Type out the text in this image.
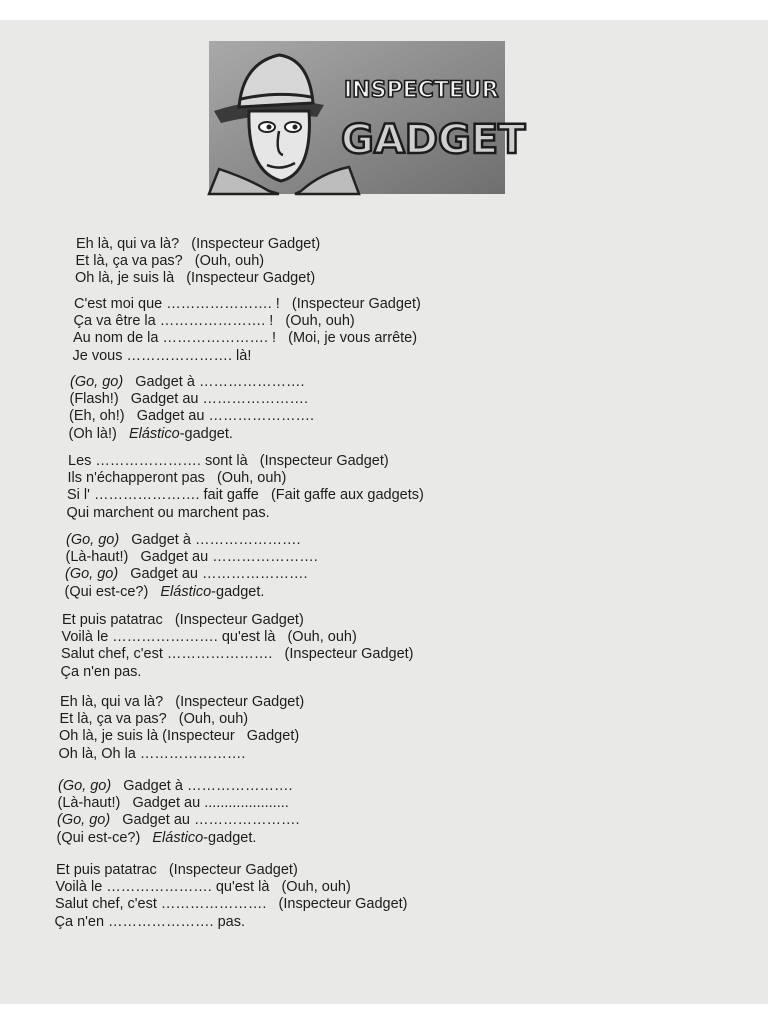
INSPECTEUR
GADGET
Eh là, qui va là?   (Inspecteur Gadget)
Et là, ça va pas?   (Ouh, ouh)
Oh là, je suis là   (Inspecteur Gadget)
C'est moi que …………………. !   (Inspecteur Gadget)
Ça va être la …………………. !   (Ouh, ouh)
Au nom de la …………………. !   (Moi, je vous arrête)
Je vous …………………. là!
(Go, go)   Gadget à ………………….
(Flash!)   Gadget au ………………….
(Eh, oh!)   Gadget au ………………….
(Oh là!)   Elástico-gadget.
Les …………………. sont là   (Inspecteur Gadget)
Ils n'échapperont pas   (Ouh, ouh)
Si l' …………………. fait gaffe   (Fait gaffe aux gadgets)
Qui marchent ou marchent pas.
(Go, go)   Gadget à ………………….
(Là-haut!)   Gadget au ………………….
(Go, go)   Gadget au ………………….
(Qui est-ce?)   Elástico-gadget.
Et puis patatrac   (Inspecteur Gadget)
Voilà le …………………. qu'est là   (Ouh, ouh)
Salut chef, c'est ………………….   (Inspecteur Gadget)
Ça n'en pas.
Eh là, qui va là?   (Inspecteur Gadget)
Et là, ça va pas?   (Ouh, ouh)
Oh là, je suis là (Inspecteur   Gadget)
Oh là, Oh la ………………….
(Go, go)   Gadget à ………………….
(Là-haut!)   Gadget au .....................
(Go, go)   Gadget au ………………….
(Qui est-ce?)   Elástico-gadget.
Et puis patatrac   (Inspecteur Gadget)
Voilà le …………………. qu'est là   (Ouh, ouh)
Salut chef, c'est ………………….   (Inspecteur Gadget)
Ça n'en …………………. pas.
